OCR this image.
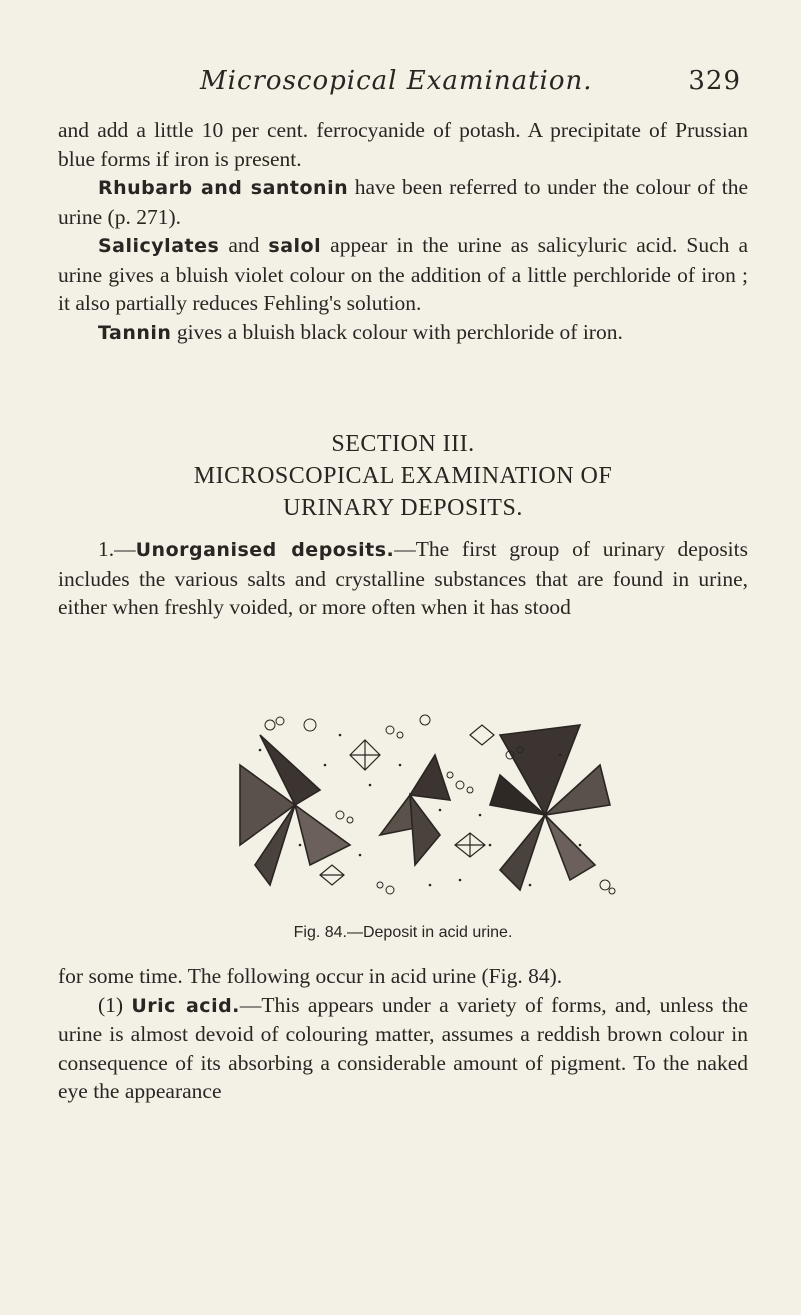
Microscopical Examination.	329

and add a little 10 per cent. ferrocyanide of potash. A precipitate of Prussian blue forms if iron is present.

Rhubarb and santonin have been referred to under the colour of the urine (p. 271).

Salicylates and salol appear in the urine as salicyluric acid. Such a urine gives a bluish violet colour on the addition of a little perchloride of iron ; it also partially reduces Fehling's solution.

Tannin gives a bluish black colour with perchloride of iron.

SECTION III.
MICROSCOPICAL EXAMINATION OF
URINARY DEPOSITS.

1.—Unorganised deposits.—The first group of urinary deposits includes the various salts and crystalline substances that are found in urine, either when freshly voided, or more often when it has stood

Fig. 84.—Deposit in acid urine.

for some time. The following occur in acid urine (Fig. 84).

(1) Uric acid.—This appears under a variety of forms, and, unless the urine is almost devoid of colouring matter, assumes a reddish brown colour in consequence of its absorbing a considerable amount of pigment. To the naked eye the appearance
